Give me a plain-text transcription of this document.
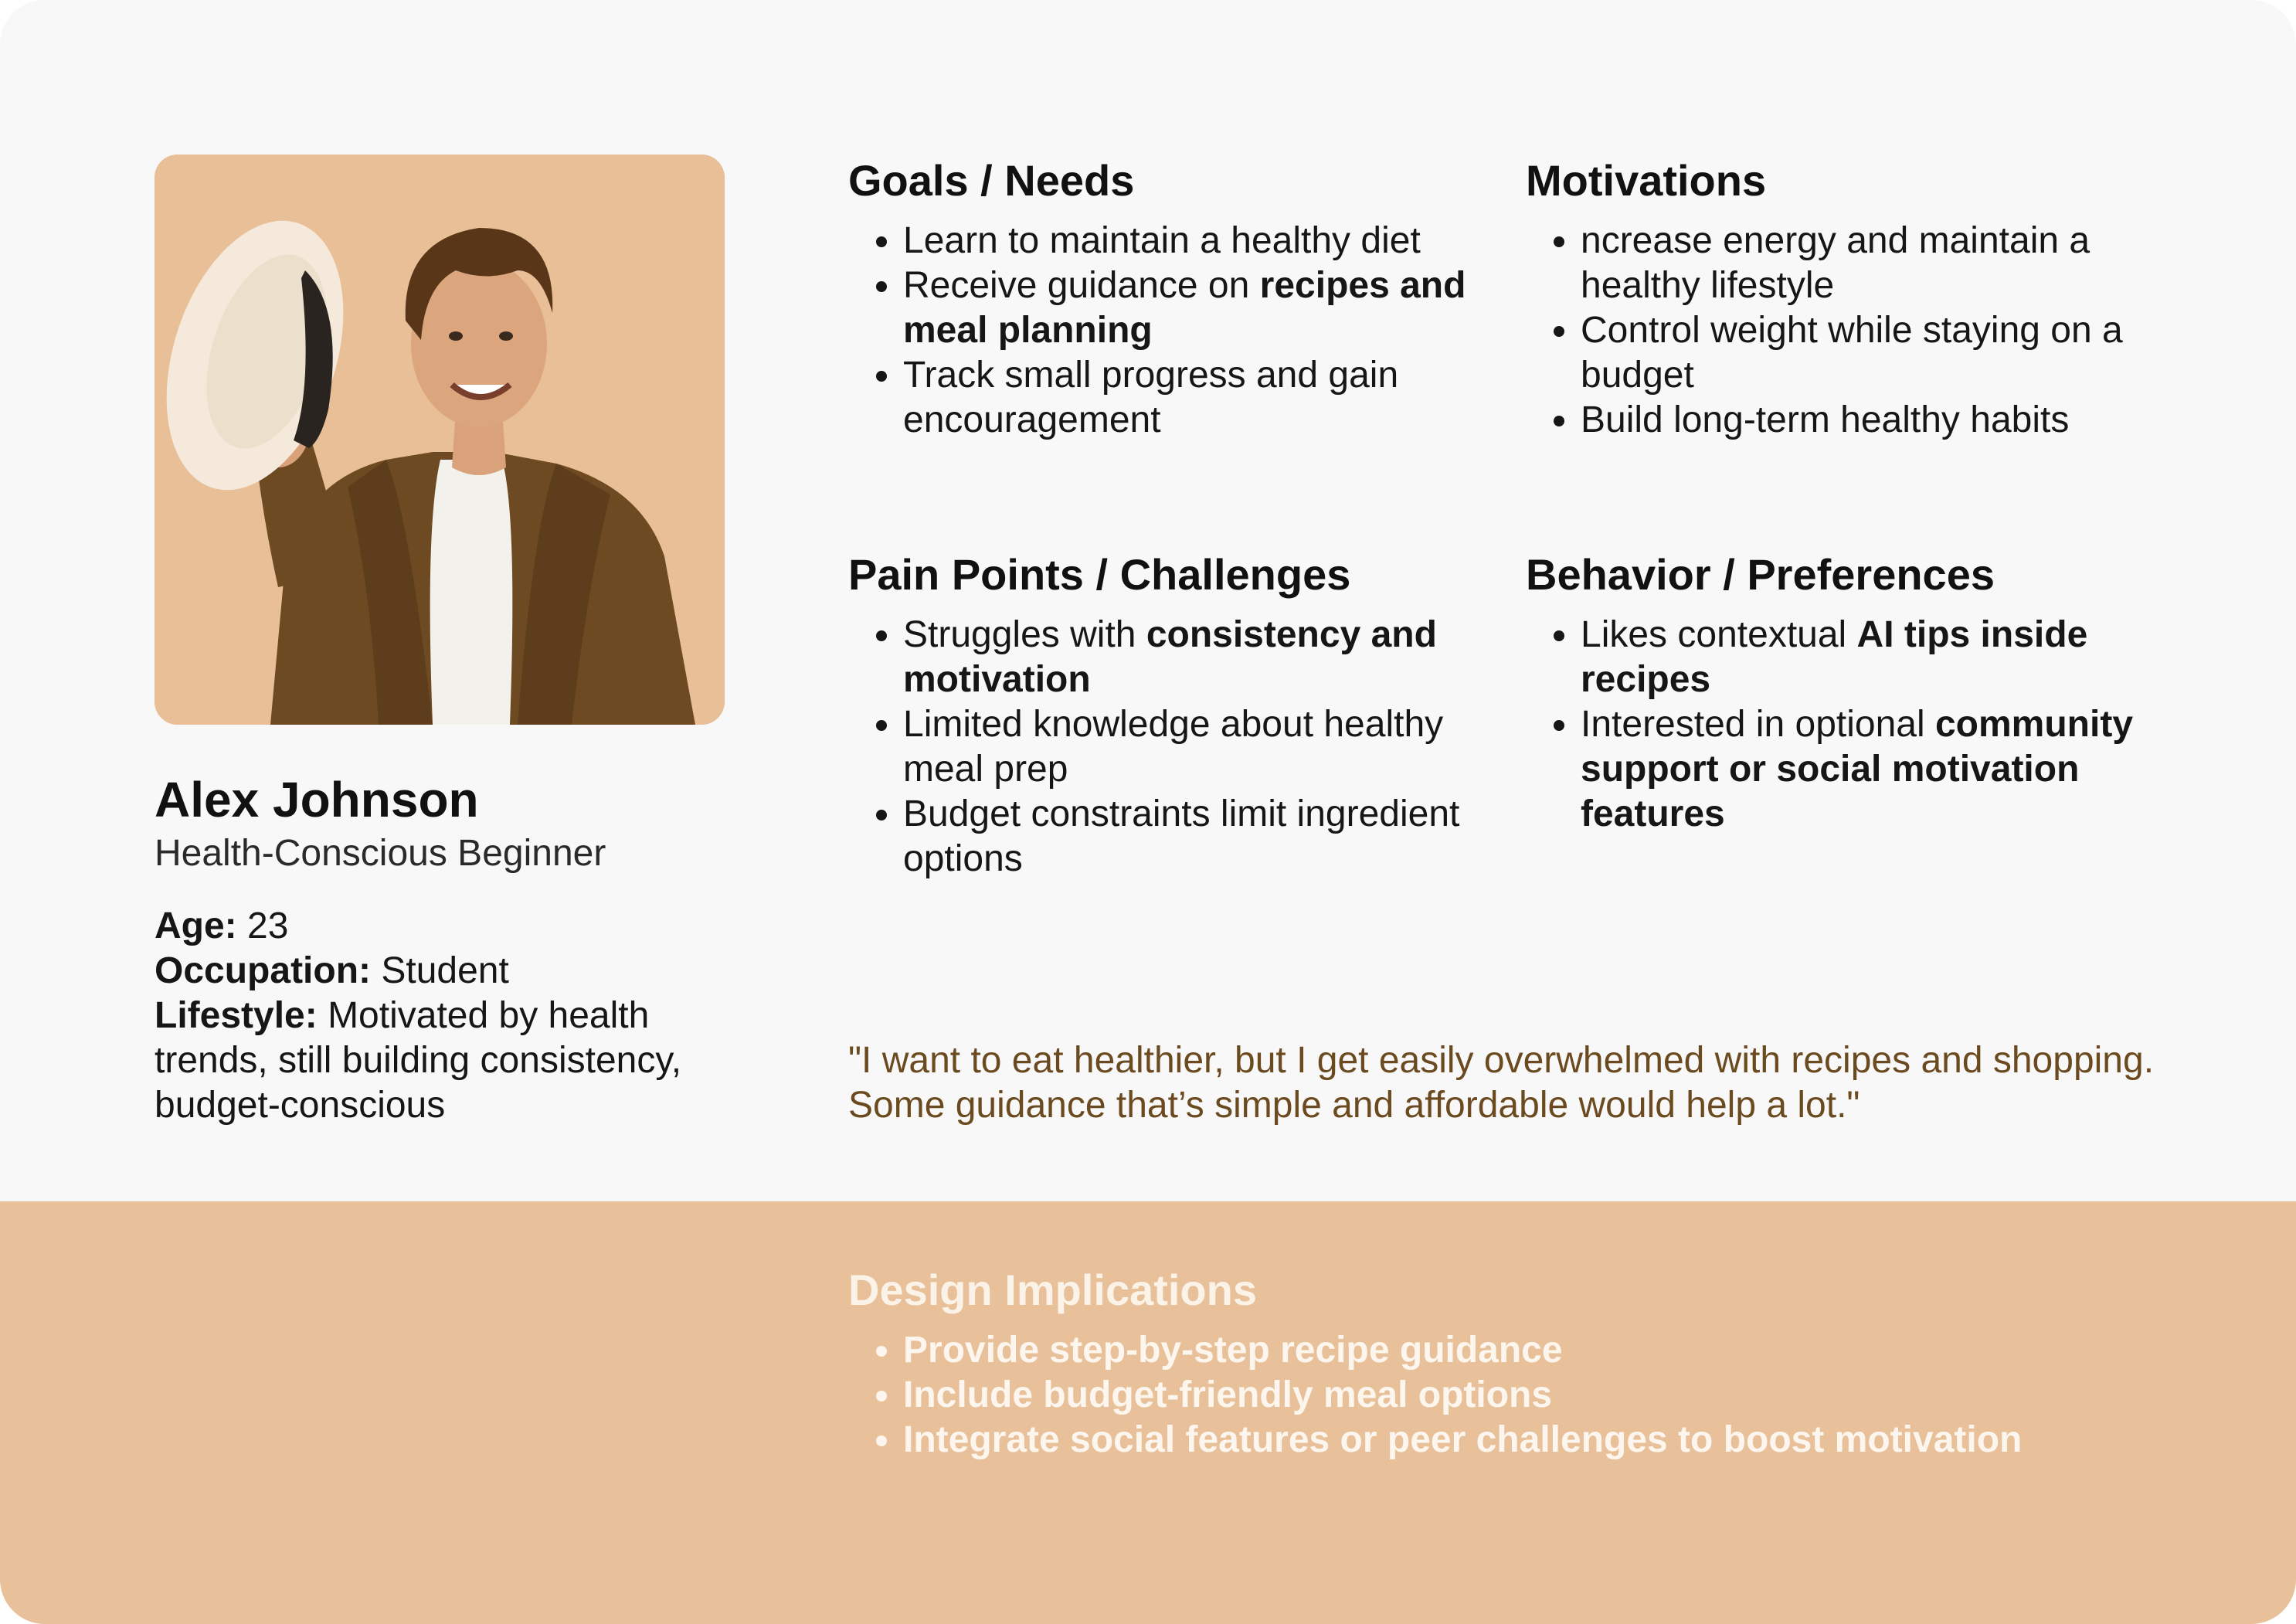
Alex Johnson

Health-Conscious Beginner

Age: 23

Occupation: Student

Lifestyle: Motivated by health trends, still building consistency, budget-conscious

Goals / Needs
• Learn to maintain a healthy diet
• Receive guidance on recipes and meal planning
• Track small progress and gain encouragement
Motivations
• ncrease energy and maintain a healthy lifestyle
• Control weight while staying on a budget
• Build long-term healthy habits
Pain Points / Challenges
• Struggles with consistency and motivation
• Limited knowledge about healthy meal prep
• Budget constraints limit ingredient options
Behavior / Preferences
• Likes contextual AI tips inside recipes
• Interested in optional community support or social motivation features

"I want to eat healthier, but I get easily overwhelmed with recipes and shopping. Some guidance that’s simple and affordable would help a lot."

Design Implications
• Provide step-by-step recipe guidance
• Include budget-friendly meal options
• Integrate social features or peer challenges to boost motivation
